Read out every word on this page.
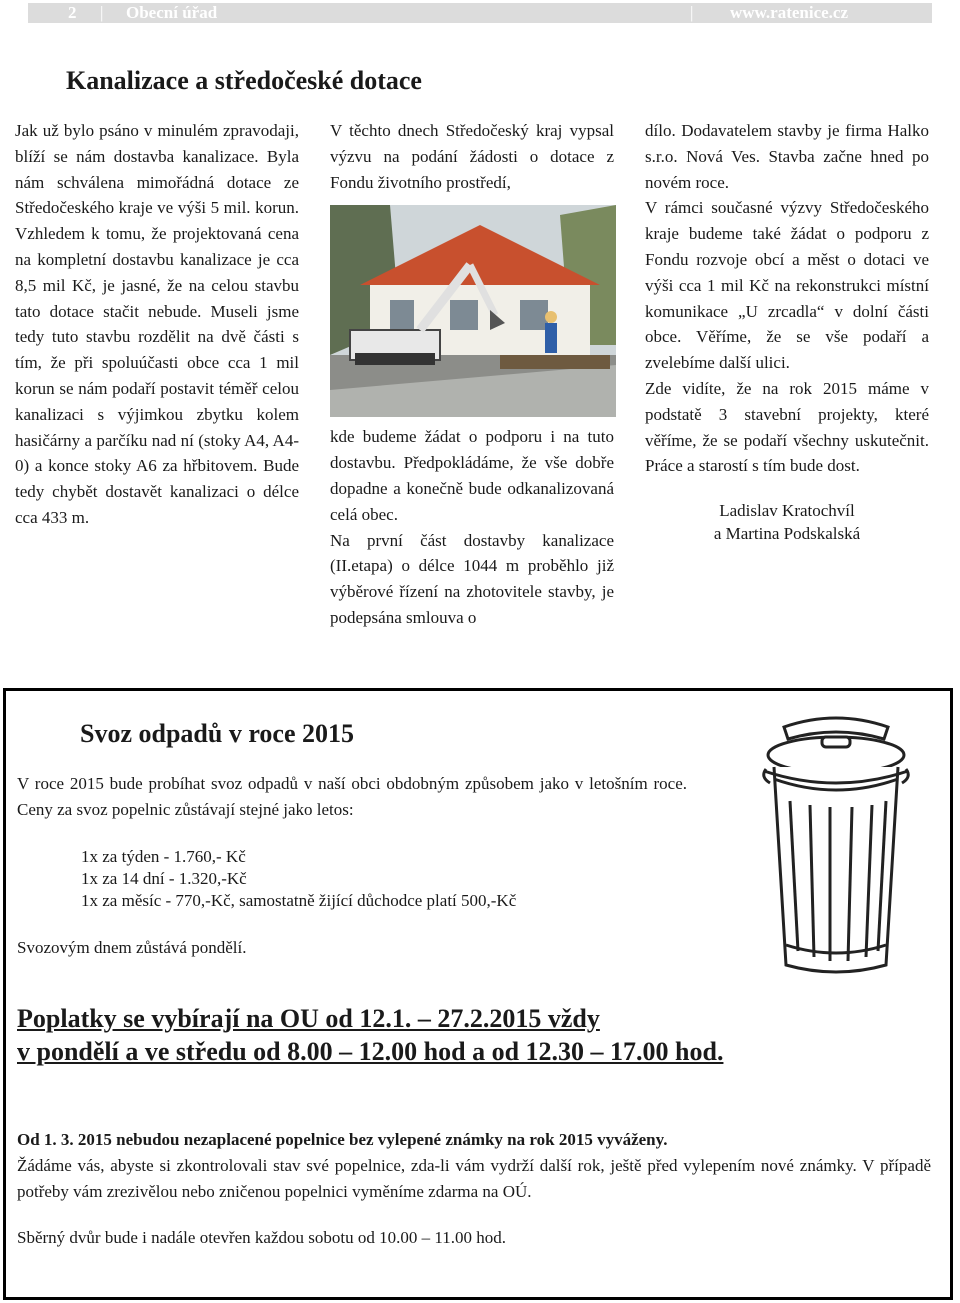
2 | Obecní úřad	| www.ratenice.cz
Kanalizace a středočeské dotace

Jak už bylo psáno v minulém zpravodaji, blíží se nám dostavba kanalizace. Byla nám schválena mimořádná dotace ze Středočeského kraje ve výši 5 mil. korun. Vzhledem k tomu, že projektovaná cena na kompletní dostavbu kanalizace je cca 8,5 mil Kč, je jasné, že na celou stavbu tato dotace stačit nebude. Museli jsme tedy tuto stavbu rozdělit na dvě části s tím, že při spoluúčasti obce cca 1 mil korun se nám podaří postavit téměř celou kanalizaci s výjimkou zbytku kolem hasičárny a parčíku nad ní (stoky A4, A4-0) a konce stoky A6 za hřbitovem. Bude tedy chybět dostavět kanalizaci o délce cca 433 m.

V těchto dnech Středočeský kraj vypsal výzvu na podání žádosti o dotace z Fondu životního prostředí,

kde budeme žádat o podporu i na tuto dostavbu. Předpokládáme, že vše dobře dopadne a konečně bude odkanalizovaná celá obec.

Na první část dostavby kanalizace (II.etapa) o délce 1044 m proběhlo již výběrové řízení na zhotovitele stavby, je podepsána smlouva o

dílo. Dodavatelem stavby je firma Halko s.r.o. Nová Ves. Stavba začne hned po novém roce.

V rámci současné výzvy Středočeského kraje budeme také žádat o podporu z Fondu rozvoje obcí a měst o dotaci ve výši cca 1 mil Kč na rekonstrukci místní komunikace „U zrcadla“ v dolní části obce. Věříme, že se vše podaří a zvelebíme další ulici.

Zde vidíte, že na rok 2015 máme v podstatě 3 stavební projekty, které věříme, že se podaří všechny uskutečnit. Práce a starostí s tím bude dost.

Ladislav Kratochvíl
a Martina Podskalská

Svoz odpadů v roce 2015

V roce 2015 bude probíhat svoz odpadů v naší obci obdobným způsobem jako v letošním roce. Ceny za svoz popelnic zůstávají stejné jako letos:

1x za týden - 1.760,- Kč
1x za 14 dní - 1.320,-Kč
1x za měsíc - 770,-Kč, samostatně žijící důchodce platí 500,-Kč

Svozovým dnem zůstává pondělí.

Poplatky se vybírají na OU od 12.1. – 27.2.2015 vždy
v pondělí a ve středu od 8.00 – 12.00 hod a od 12.30 – 17.00 hod.

Od 1. 3. 2015 nebudou nezaplacené popelnice bez vylepené známky na rok 2015 vyváženy.

Žádáme vás, abyste si zkontrolovali stav své popelnice, zda-li vám vydrží další rok, ještě před vylepením nové známky. V případě potřeby vám zrezivělou nebo zničenou popelnici vyměníme zdarma na OÚ.

Sběrný dvůr bude i nadále otevřen každou sobotu od 10.00 – 11.00 hod.
